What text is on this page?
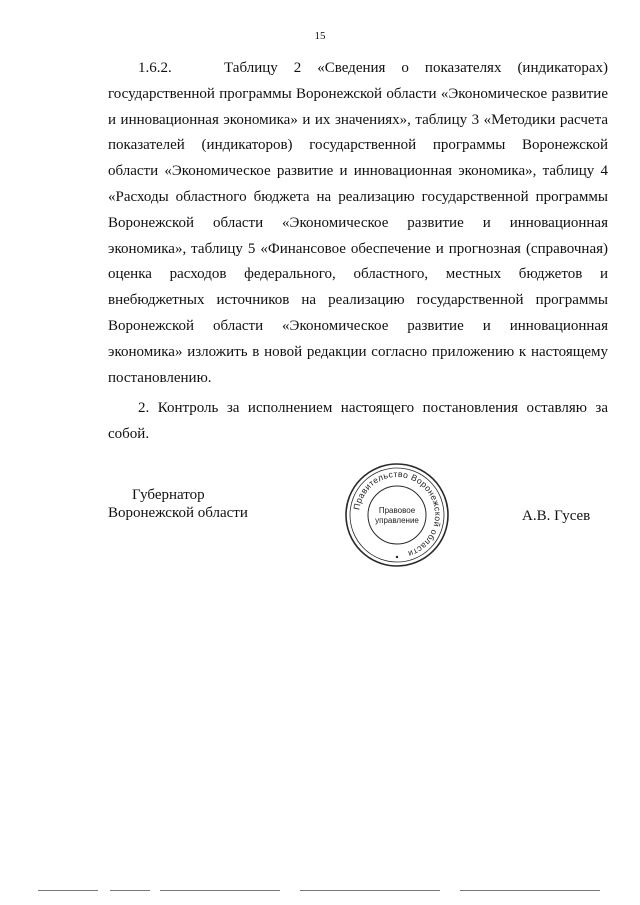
15

1.6.2.	Таблицу 2 «Сведения о показателях (индикаторах) государственной программы Воронежской области «Экономическое развитие и инновационная экономика» и их значениях», таблицу 3 «Методики расчета показателей (индикаторов) государственной программы Воронежской области «Экономическое развитие и инновационная экономика», таблицу 4 «Расходы областного бюджета на реализацию государственной программы Воронежской области «Экономическое развитие и инновационная экономика», таблицу 5 «Финансовое обеспечение и прогнозная (справочная) оценка расходов федерального, областного, местных бюджетов и внебюджетных источников на реализацию государственной программы Воронежской области «Экономическое развитие и инновационная экономика» изложить в новой редакции согласно приложению к настоящему постановлению.

2. Контроль за исполнением настоящего постановления оставляю за собой.

Губернатор
Воронежской области	А.В. Гусев
Правительство Воронежской области
Правовое
управление
